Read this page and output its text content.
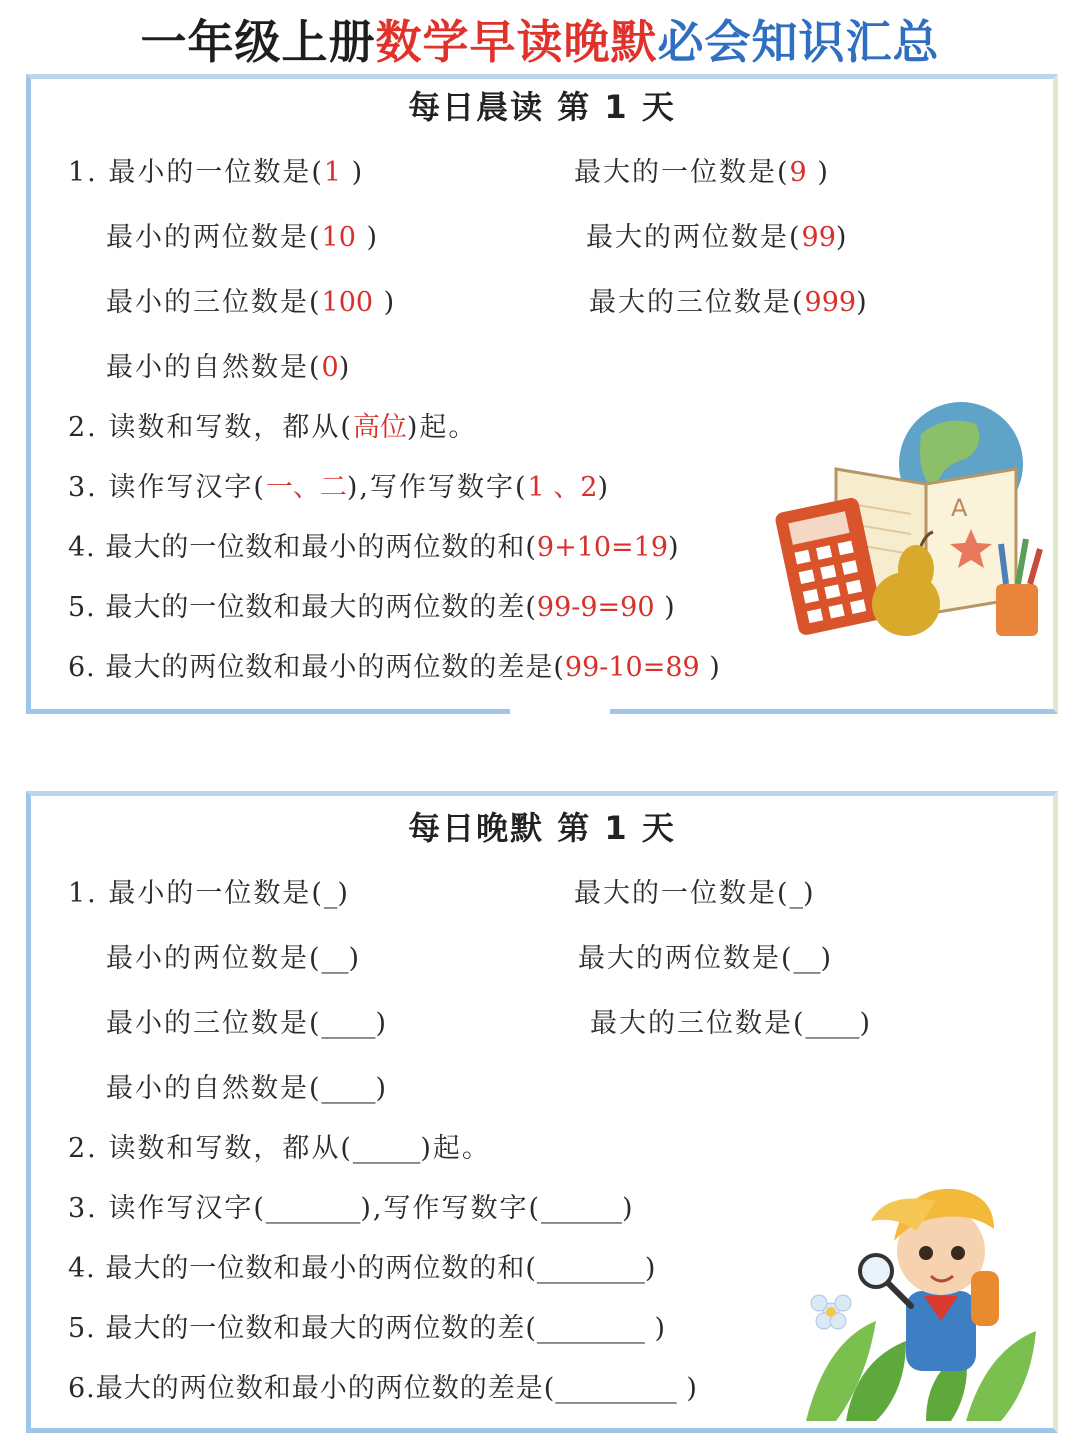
一年级上册数学早读晚默必会知识汇总
每日晨读 第 1 天
1. 最小的一位数是(1 )	最大的一位数是(9 )
最小的两位数是(10 )	最大的两位数是(99)
最小的三位数是(100 )	最大的三位数是(999)
最小的自然数是(0)
2. 读数和写数，都从(高位)起。
3. 读作写汉字(一、二),写作写数字(1 、2)
4. 最大的一位数和最小的两位数的和(9+10=19)
5. 最大的一位数和最大的两位数的差(99-9=90 )
6. 最大的两位数和最小的两位数的差是(99-10=89 )
A
每日晚默 第 1 天
1. 最小的一位数是(_)	最大的一位数是(_)
最小的两位数是(__)	最大的两位数是(__)
最小的三位数是(____)	最大的三位数是(____)
最小的自然数是(____)
2. 读数和写数，都从(_____)起。
3. 读作写汉字(_______),写作写数字(______)
4. 最大的一位数和最小的两位数的和(________)
5. 最大的一位数和最大的两位数的差(________ )
6.最大的两位数和最小的两位数的差是(_________ )
